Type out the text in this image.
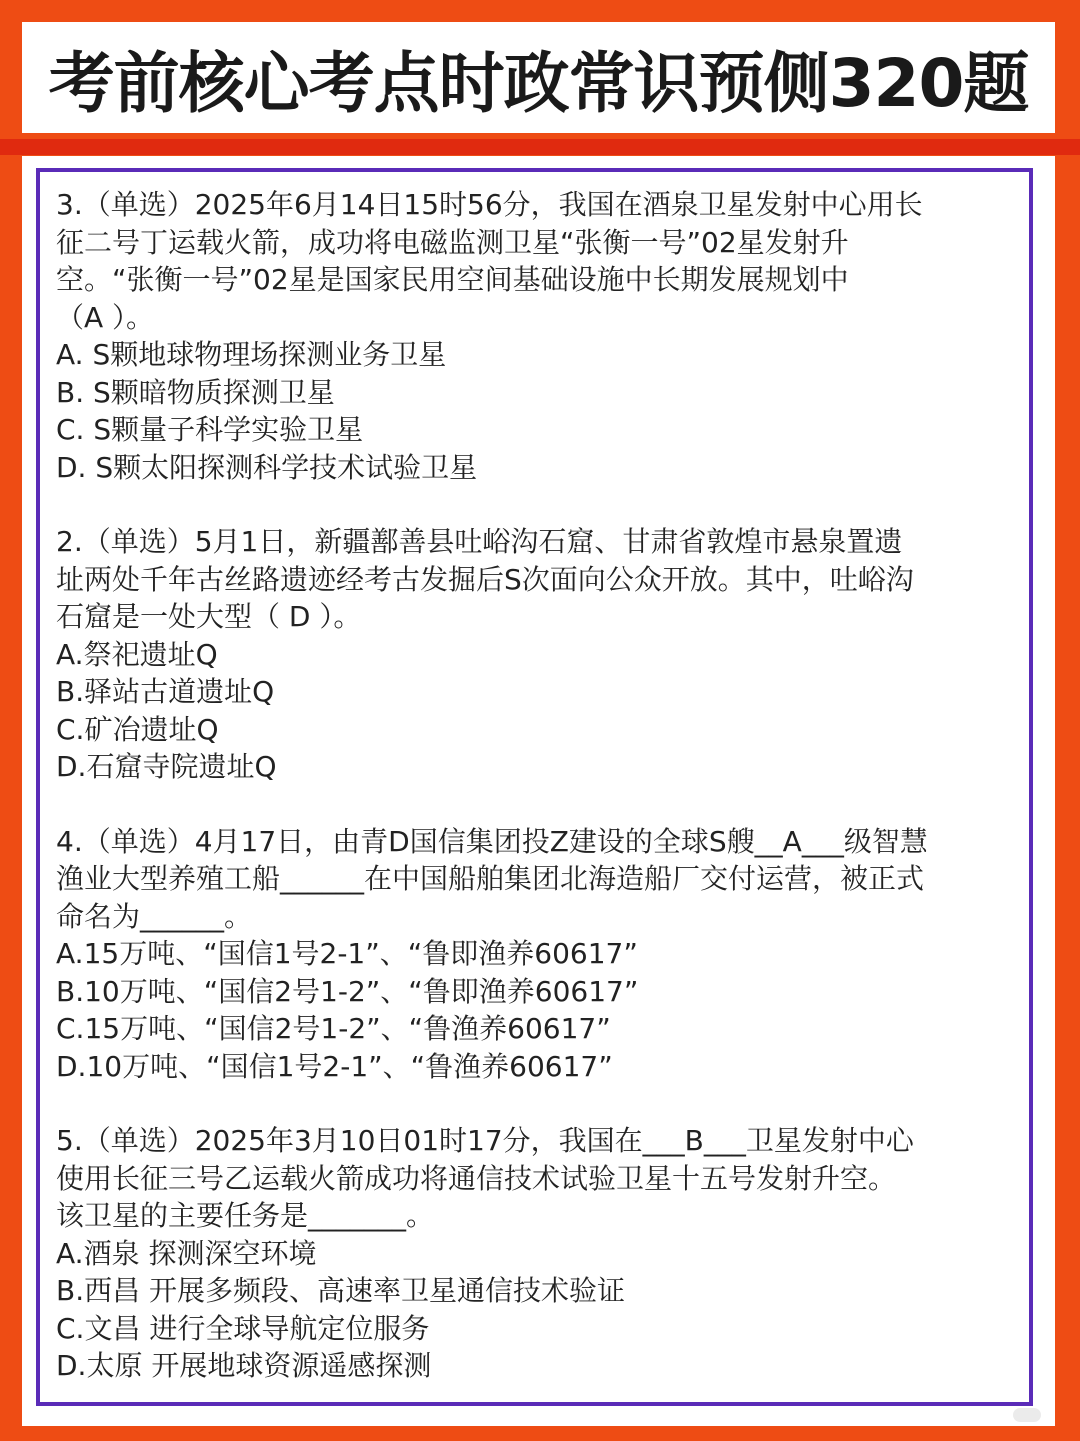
考前核心考点时政常识预侧320题
3.（单选）2025年6月14日15时56分，我国在酒泉卫星发射中心用长
征二号丁运载火箭，成功将电磁监测卫星“张衡一号”02星发射升
空。“张衡一号”02星是国家民用空间基础设施中长期发展规划中
（A ）。
A. S颗地球物理场探测业务卫星
B. S颗暗物质探测卫星
C. S颗量子科学实验卫星
D. S颗太阳探测科学技术试验卫星
2.（单选）5月1日，新疆鄯善县吐峪沟石窟、甘肃省敦煌市悬泉置遗
址两处千年古丝路遗迹经考古发掘后S次面向公众开放。其中，吐峪沟
石窟是一处大型（ D ）。
A.祭祀遗址Q
B.驿站古道遗址Q
C.矿冶遗址Q
D.石窟寺院遗址Q
4.（单选）4月17日，由青D国信集团投Z建设的全球S艘__A___级智慧
渔业大型养殖工船______在中国船舶集团北海造船厂交付运营，被正式
命名为______。
A.15万吨、“国信1号2-1”、“鲁即渔养60617”
B.10万吨、“国信2号1-2”、“鲁即渔养60617”
C.15万吨、“国信2号1-2”、“鲁渔养60617”
D.10万吨、“国信1号2-1”、“鲁渔养60617”
5.（单选）2025年3月10日01时17分，我国在___B___卫星发射中心
使用长征三号乙运载火箭成功将通信技术试验卫星十五号发射升空。
该卫星的主要任务是_______。
A.酒泉 探测深空环境
B.西昌 开展多频段、高速率卫星通信技术验证
C.文昌 进行全球导航定位服务
D.太原 开展地球资源遥感探测
